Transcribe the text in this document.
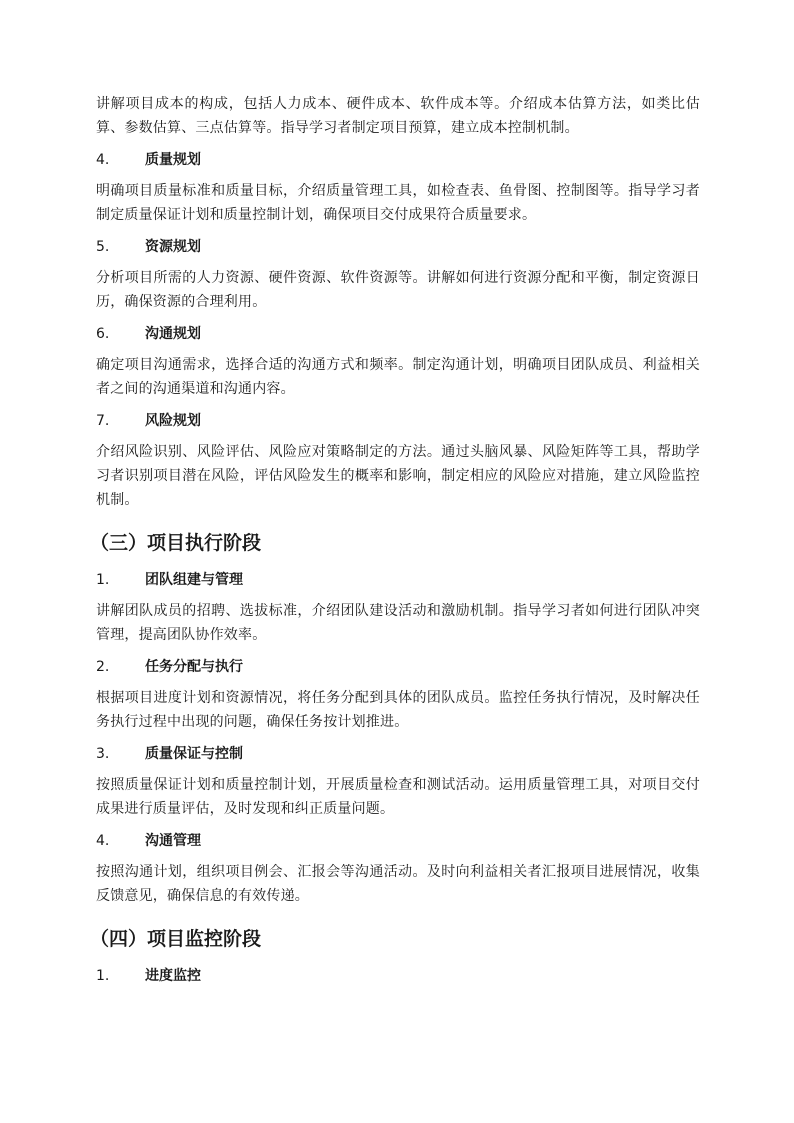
讲解项目成本的构成，包括人力成本、硬件成本、软件成本等。介绍成本估算方法，如类比估算、参数估算、三点估算等。指导学习者制定项目预算，建立成本控制机制。

4.	质量规划

明确项目质量标准和质量目标，介绍质量管理工具，如检查表、鱼骨图、控制图等。指导学习者制定质量保证计划和质量控制计划，确保项目交付成果符合质量要求。

5.	资源规划

分析项目所需的人力资源、硬件资源、软件资源等。讲解如何进行资源分配和平衡，制定资源日历，确保资源的合理利用。

6.	沟通规划

确定项目沟通需求，选择合适的沟通方式和频率。制定沟通计划，明确项目团队成员、利益相关者之间的沟通渠道和沟通内容。

7.	风险规划

介绍风险识别、风险评估、风险应对策略制定的方法。通过头脑风暴、风险矩阵等工具，帮助学习者识别项目潜在风险，评估风险发生的概率和影响，制定相应的风险应对措施，建立风险监控机制。

（三）项目执行阶段
1.	团队组建与管理

讲解团队成员的招聘、选拔标准，介绍团队建设活动和激励机制。指导学习者如何进行团队冲突管理，提高团队协作效率。

2.	任务分配与执行

根据项目进度计划和资源情况，将任务分配到具体的团队成员。监控任务执行情况，及时解决任务执行过程中出现的问题，确保任务按计划推进。

3.	质量保证与控制

按照质量保证计划和质量控制计划，开展质量检查和测试活动。运用质量管理工具，对项目交付成果进行质量评估，及时发现和纠正质量问题。

4.	沟通管理

按照沟通计划，组织项目例会、汇报会等沟通活动。及时向利益相关者汇报项目进展情况，收集反馈意见，确保信息的有效传递。

（四）项目监控阶段
1.	进度监控
